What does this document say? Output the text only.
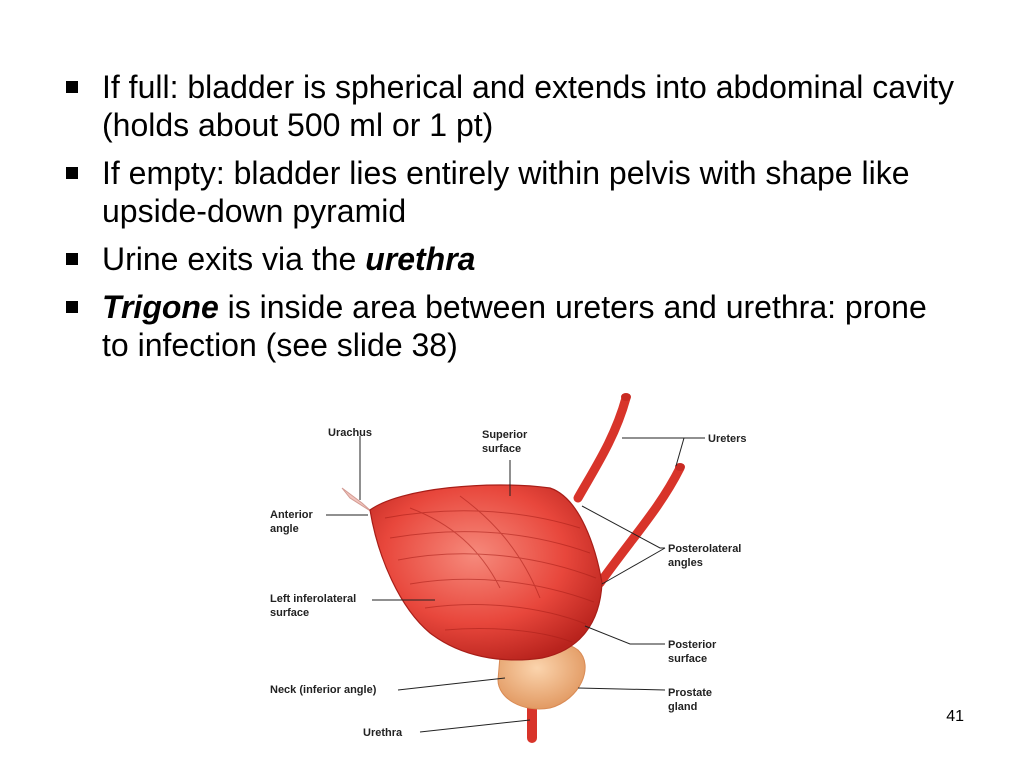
If full: bladder is spherical and extends into abdominal cavity (holds about 500 ml or 1 pt)
If empty: bladder lies entirely within pelvis with shape like upside-down pyramid
Urine exits via the urethra
Trigone is inside area between ureters and urethra: prone to infection (see slide 38)
Urachus	Superior
surface
Ureters
Anterior
angle
Posterolateral
angles
Left inferolateral
surface
Posterior
surface
Neck (inferior angle)	Prostate
gland
Urethra
41
